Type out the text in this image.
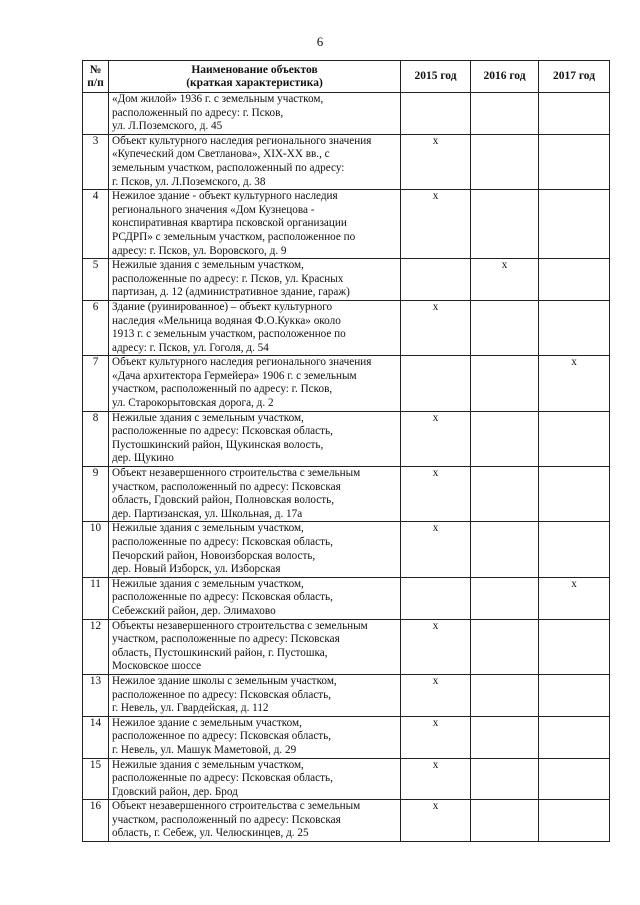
6
№ п/п	Наименование объектов
(краткая характеристика)	2015 год	2016 год	2017 год

	«Дом жилой» 1936 г. с земельным участком,
расположенный по адресу: г. Псков,
ул. Л.Поземского, д. 45			

3	Объект культурного наследия регионального значения
«Купеческий дом Светланова», XIX-XX вв., с
земельным участком, расположенный по адресу:
г. Псков, ул. Л.Поземского, д. 38	х		
4	Нежилое здание - объект культурного наследия
регионального значения «Дом Кузнецова -
конспиративная квартира псковской организации
РСДРП» с земельным участком, расположенное по
адресу: г. Псков, ул. Воровского, д. 9	х		
5	Нежилые здания с земельным участком,
расположенные по адресу: г. Псков, ул. Красных
партизан, д. 12 (административное здание, гараж)		х	
6	Здание (руинированное) – объект культурного
наследия «Мельница водяная Ф.О.Кукка» около
1913 г. с земельным участком, расположенное по
адресу: г. Псков, ул. Гоголя, д. 54	х		
7	Объект культурного наследия регионального значения
«Дача архитектора Гермейера» 1906 г. с земельным
участком, расположенный по адресу: г. Псков,
ул. Старокорытовская дорога, д. 2			х
8	Нежилые здания с земельным участком,
расположенные по адресу: Псковская область,
Пустошкинский район, Щукинская волость,
дер. Щукино	х		
9	Объект незавершенного строительства с земельным
участком, расположенный по адресу: Псковская
область, Гдовский район, Полновская волость,
дер. Партизанская, ул. Школьная, д. 17а	х		
10	Нежилые здания с земельным участком,
расположенные по адресу: Псковская область,
Печорский район, Новоизборская волость,
дер. Новый Изборск, ул. Изборская	х		
11	Нежилые здания с земельным участком,
расположенные по адресу: Псковская область,
Себежский район, дер. Элимахово			х
12	Объекты незавершенного строительства с земельным
участком, расположенные по адресу: Псковская
область, Пустошкинский район, г. Пустошка,
Московское шоссе	х		
13	Нежилое здание школы с земельным участком,
расположенное по адресу: Псковская область,
г. Невель, ул. Гвардейская, д. 112	х		
14	Нежилое здание с земельным участком,
расположенное по адресу: Псковская область,
г. Невель, ул. Машук Маметовой, д. 29	х		
15	Нежилые здания с земельным участком,
расположенные по адресу: Псковская область,
Гдовский район, дер. Брод	х		
16	Объект незавершенного строительства с земельным
участком, расположенный по адресу: Псковская
область, г. Себеж, ул. Челюскинцев, д. 25	х		
